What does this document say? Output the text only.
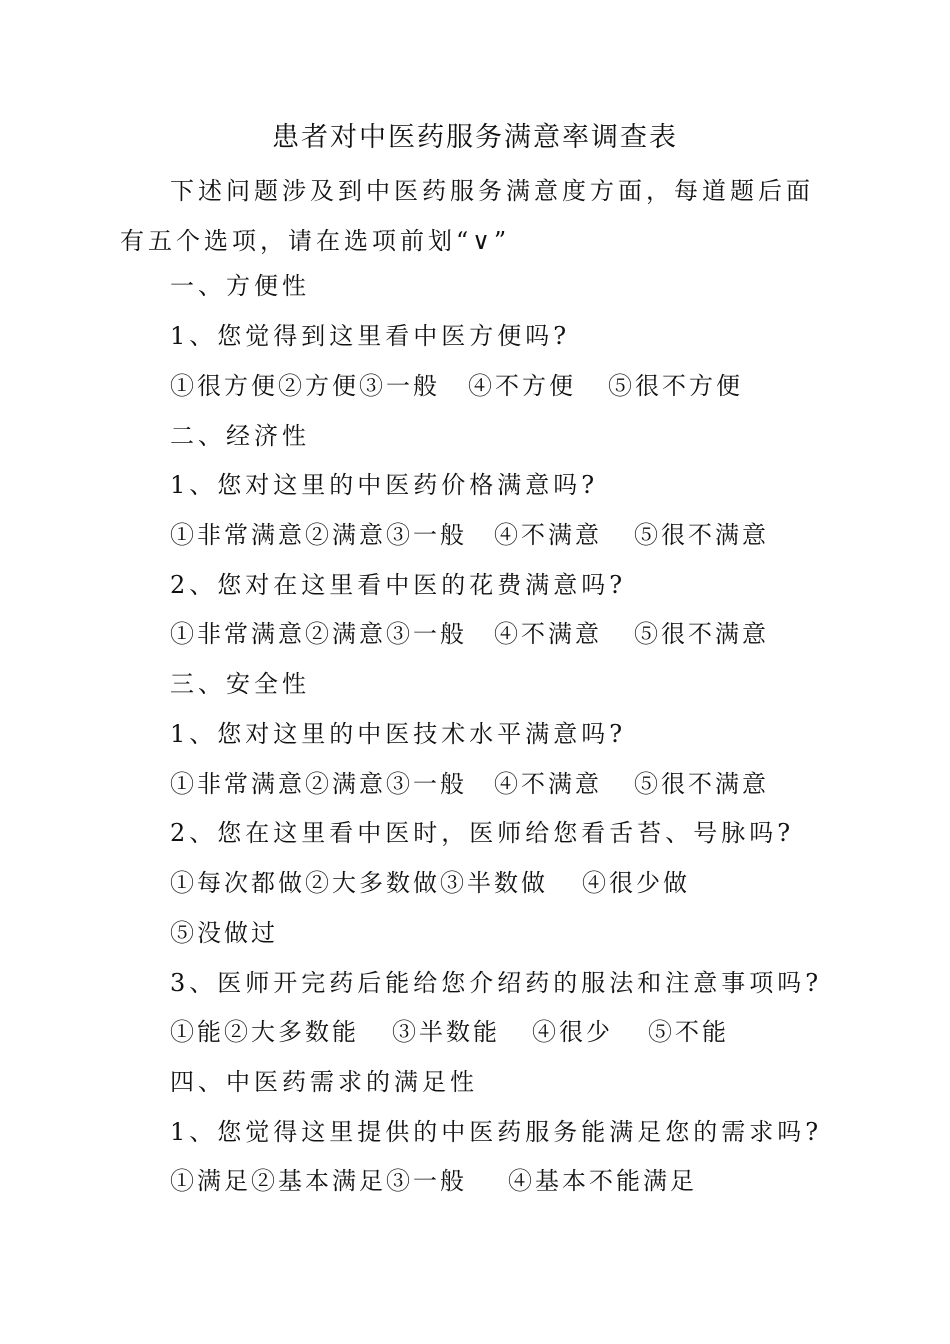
患者对中医药服务满意率调查表
下述问题涉及到中医药服务满意度方面，每道题后面有五个选项，请在选项前划“∨”
一、方便性
1、您觉得到这里看中医方便吗?
①很方便②方便③一般 ④不方便 ⑤很不方便
二、经济性
1、您对这里的中医药价格满意吗?
①非常满意②满意③一般 ④不满意 ⑤很不满意
2、您对在这里看中医的花费满意吗?
①非常满意②满意③一般 ④不满意 ⑤很不满意
三、安全性
1、您对这里的中医技术水平满意吗?
①非常满意②满意③一般 ④不满意 ⑤很不满意
2、您在这里看中医时，医师给您看舌苔、号脉吗?
①每次都做②大多数做③半数做 ④很少做
⑤没做过
3、医师开完药后能给您介绍药的服法和注意事项吗?
①能②大多数能 ③半数能 ④很少 ⑤不能
四、中医药需求的满足性
1、您觉得这里提供的中医药服务能满足您的需求吗?
①满足②基本满足③一般 ④基本不能满足
